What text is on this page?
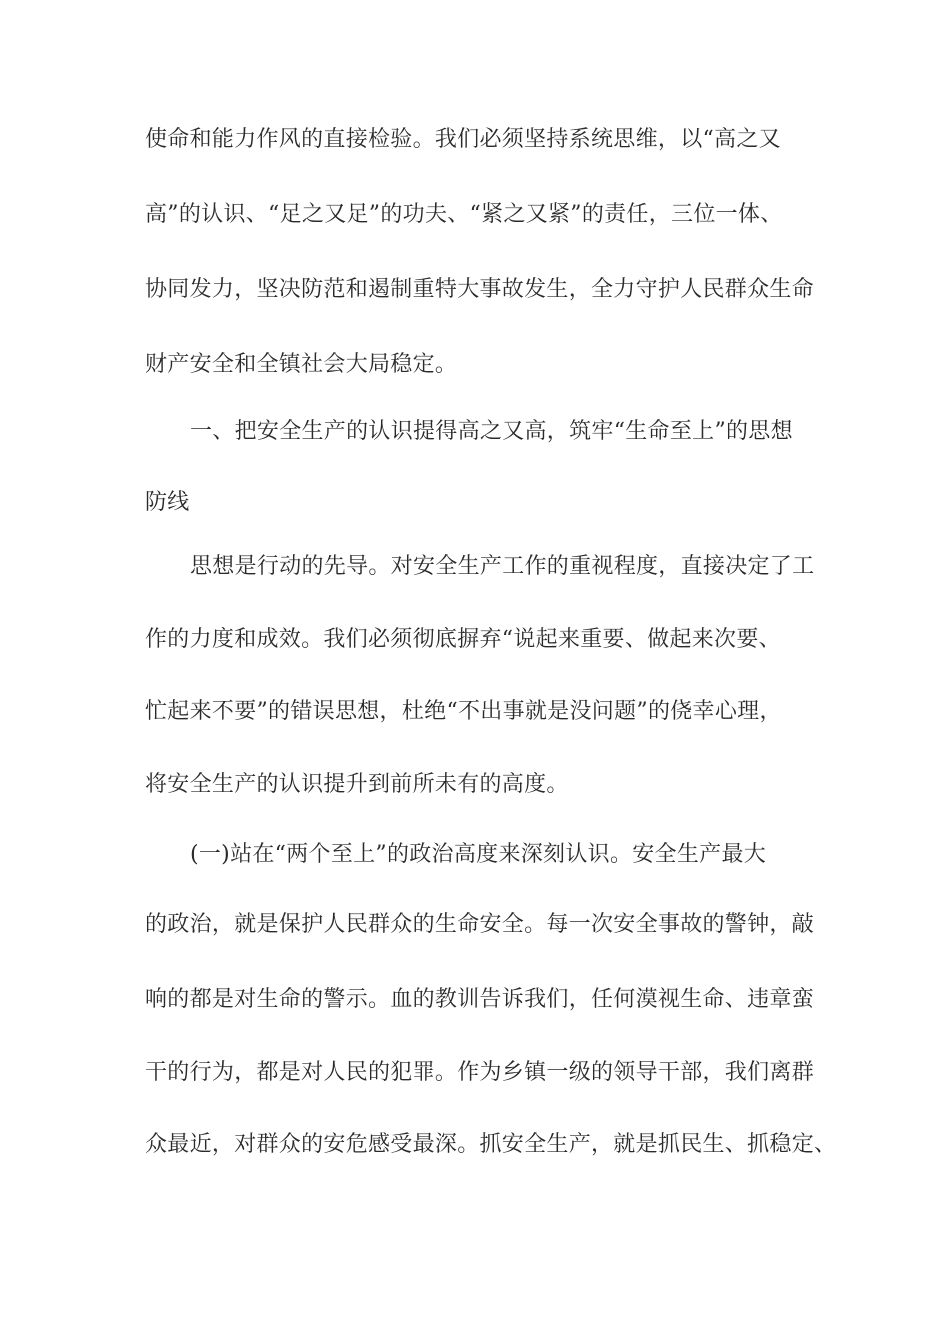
使命和能力作风的直接检验。我们必须坚持系统思维，以“高之又
高”的认识、“足之又足”的功夫、“紧之又紧”的责任，三位一体、
协同发力，坚决防范和遏制重特大事故发生，全力守护人民群众生命
财产安全和全镇社会大局稳定。
一、把安全生产的认识提得高之又高，筑牢“生命至上”的思想
防线
思想是行动的先导。对安全生产工作的重视程度，直接决定了工
作的力度和成效。我们必须彻底摒弃“说起来重要、做起来次要、
忙起来不要”的错误思想，杜绝“不出事就是没问题”的侥幸心理，
将安全生产的认识提升到前所未有的高度。
(一)站在“两个至上”的政治高度来深刻认识。安全生产最大
的政治，就是保护人民群众的生命安全。每一次安全事故的警钟，敲
响的都是对生命的警示。血的教训告诉我们，任何漠视生命、违章蛮
干的行为，都是对人民的犯罪。作为乡镇一级的领导干部，我们离群
众最近，对群众的安危感受最深。抓安全生产，就是抓民生、抓稳定、
